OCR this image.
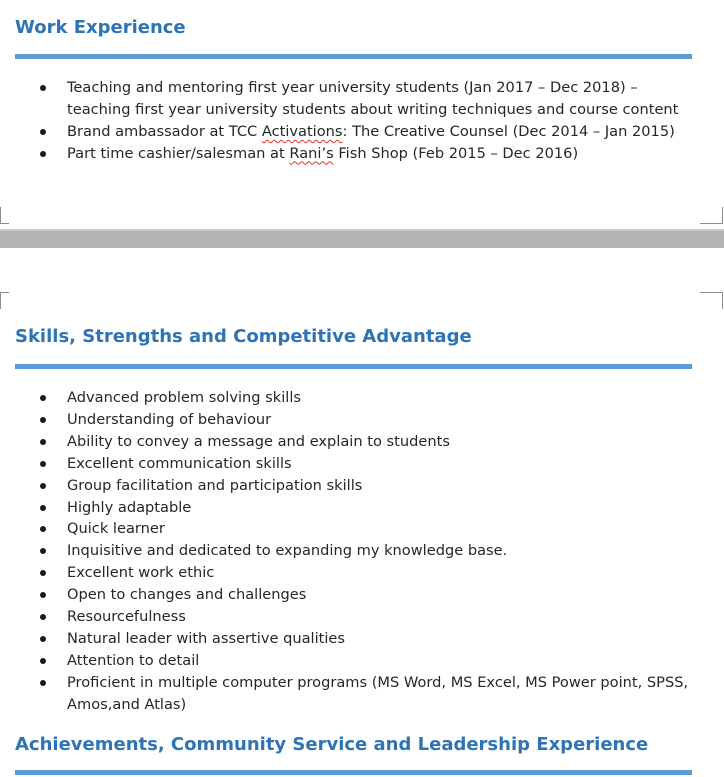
Work Experience
Teaching and mentoring first year university students (Jan 2017 – Dec 2018) –
teaching first year university students about writing techniques and course content
Brand ambassador at TCC Activations: The Creative Counsel (Dec 2014 – Jan 2015)
Part time cashier/salesman at Rani’s Fish Shop (Feb 2015 – Dec 2016)
Skills, Strengths and Competitive Advantage
Advanced problem solving skills
Understanding of behaviour
Ability to convey a message and explain to students
Excellent communication skills
Group facilitation and participation skills
Highly adaptable
Quick learner
Inquisitive and dedicated to expanding my knowledge base.
Excellent work ethic
Open to changes and challenges
Resourcefulness
Natural leader with assertive qualities
Attention to detail
Proficient in multiple computer programs (MS Word, MS Excel, MS Power point, SPSS,
Amos,and Atlas)
Achievements, Community Service and Leadership Experience
